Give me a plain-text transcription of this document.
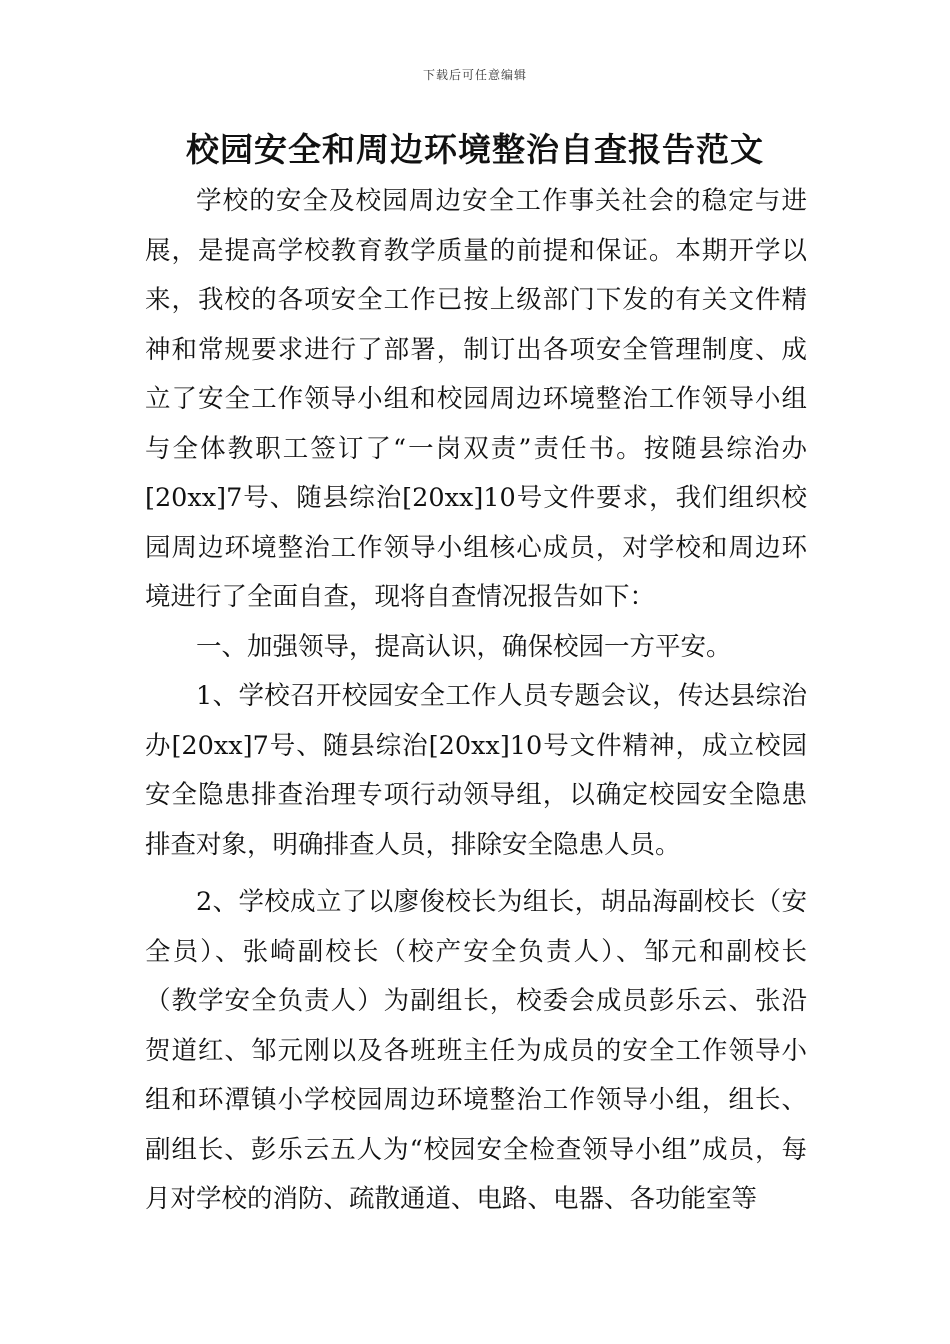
下载后可任意编辑
校园安全和周边环境整治自查报告范文

学校的安全及校园周边安全工作事关社会的稳定与进展，是提高学校教育教学质量的前提和保证。本期开学以来，我校的各项安全工作已按上级部门下发的有关文件精神和常规要求进行了部署，制订出各项安全管理制度、成立了安全工作领导小组和校园周边环境整治工作领导小组与全体教职工签订了“一岗双责”责任书。按随县综治办[20xx]7号、随县综治[20xx]10号文件要求，我们组织校园周边环境整治工作领导小组核心成员，对学校和周边环境进行了全面自查，现将自查情况报告如下：

一、加强领导，提高认识，确保校园一方平安。

1、学校召开校园安全工作人员专题会议，传达县综治办[20xx]7号、随县综治[20xx]10号文件精神，成立校园安全隐患排查治理专项行动领导组，以确定校园安全隐患排查对象，明确排查人员，排除安全隐患人员。

2、学校成立了以廖俊校长为组长，胡品海副校长（安全员）、张崎副校长（校产安全负责人）、邹元和副校长（教学安全负责人）为副组长，校委会成员彭乐云、张沿贺道红、邹元刚以及各班班主任为成员的安全工作领导小组和环潭镇小学校园周边环境整治工作领导小组，组长、副组长、彭乐云五人为“校园安全检查领导小组”成员，每月对学校的消防、疏散通道、电路、电器、各功能室等
